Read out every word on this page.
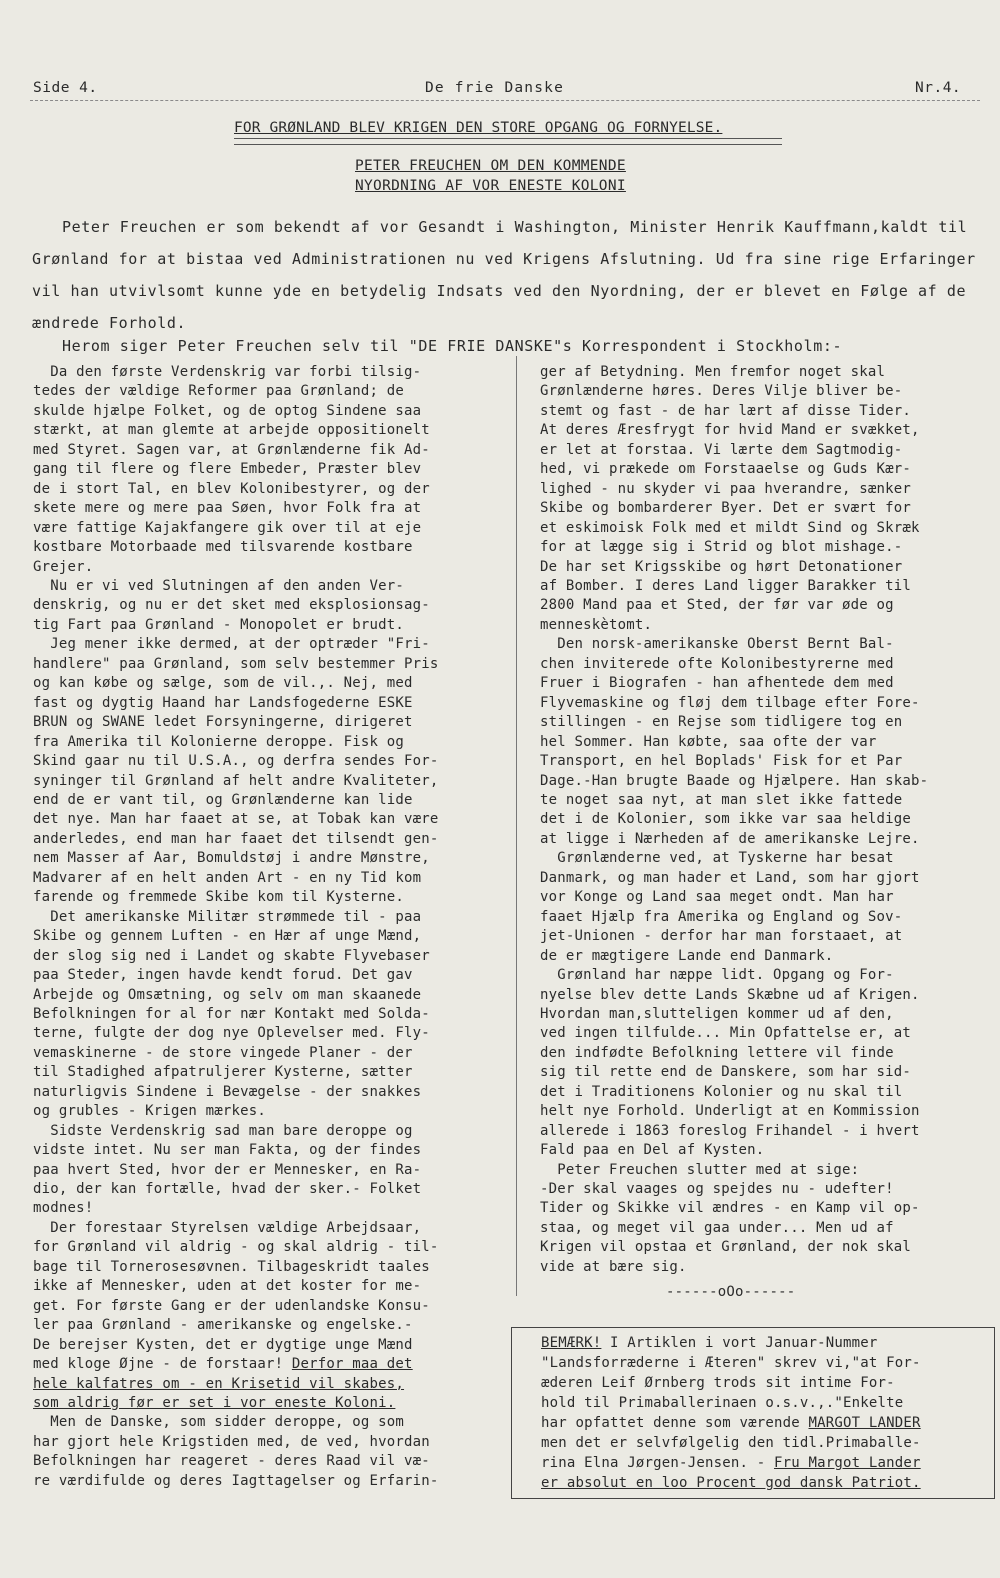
Side 4.	De frie Danske	Nr.4.
FOR GRØNLAND BLEV KRIGEN DEN STORE OPGANG OG FORNYELSE.
PETER FREUCHEN OM DEN KOMMENDE
NYORDNING AF VOR ENESTE KOLONI

Peter Freuchen er som bekendt af vor Gesandt i Washington, Minister Henrik Kauffmann,kaldt til Grønland for at bistaa ved Administrationen nu ved Krigens Afslutning. Ud fra sine rige Erfaringer vil han utvivlsomt kunne yde en betydelig Indsats ved den Nyordning, der er blevet en Følge af de ændrede Forhold.

Herom siger Peter Freuchen selv til "DE FRIE DANSKE"s Korrespondent i Stockholm:-

Da den første Verdenskrig var forbi tilsig-
tedes der vældige Reformer paa Grønland; de
skulde hjælpe Folket, og de optog Sindene saa
stærkt, at man glemte at arbejde oppositionelt
med Styret. Sagen var, at Grønlænderne fik Ad-
gang til flere og flere Embeder, Præster blev
de i stort Tal, en blev Kolonibestyrer, og der
skete mere og mere paa Søen, hvor Folk fra at
være fattige Kajakfangere gik over til at eje
kostbare Motorbaade med tilsvarende kostbare
Grejer.
Nu er vi ved Slutningen af den anden Ver-
denskrig, og nu er det sket med eksplosionsag-
tig Fart paa Grønland - Monopolet er brudt.
Jeg mener ikke dermed, at der optræder "Fri-
handlere" paa Grønland, som selv bestemmer Pris
og kan købe og sælge, som de vil.,. Nej, med
fast og dygtig Haand har Landsfogederne ESKE
BRUN og SWANE ledet Forsyningerne, dirigeret
fra Amerika til Kolonierne deroppe. Fisk og
Skind gaar nu til U.S.A., og derfra sendes For-
syninger til Grønland af helt andre Kvaliteter,
end de er vant til, og Grønlænderne kan lide
det nye. Man har faaet at se, at Tobak kan være
anderledes, end man har faaet det tilsendt gen-
nem Masser af Aar, Bomuldstøj i andre Mønstre,
Madvarer af en helt anden Art - en ny Tid kom
farende og fremmede Skibe kom til Kysterne.
Det amerikanske Militær strømmede til - paa
Skibe og gennem Luften - en Hær af unge Mænd,
der slog sig ned i Landet og skabte Flyvebaser
paa Steder, ingen havde kendt forud. Det gav
Arbejde og Omsætning, og selv om man skaanede
Befolkningen for al for nær Kontakt med Solda-
terne, fulgte der dog nye Oplevelser med. Fly-
vemaskinerne - de store vingede Planer - der
til Stadighed afpatruljerer Kysterne, sætter
naturligvis Sindene i Bevægelse - der snakkes
og grubles - Krigen mærkes.
Sidste Verdenskrig sad man bare deroppe og
vidste intet. Nu ser man Fakta, og der findes
paa hvert Sted, hvor der er Mennesker, en Ra-
dio, der kan fortælle, hvad der sker.- Folket
modnes!
Der forestaar Styrelsen vældige Arbejdsaar,
for Grønland vil aldrig - og skal aldrig - til-
bage til Tornerosesøvnen. Tilbageskridt taales
ikke af Mennesker, uden at det koster for me-
get. For første Gang er der udenlandske Konsu-
ler paa Grønland - amerikanske og engelske.-
De berejser Kysten, det er dygtige unge Mænd
med kloge Øjne - de forstaar! Derfor maa det
hele kalfatres om - en Krisetid vil skabes,
som aldrig før er set i vor eneste Koloni.
Men de Danske, som sidder deroppe, og som
har gjort hele Krigstiden med, de ved, hvordan
Befolkningen har reageret - deres Raad vil væ-
re værdifulde og deres Iagttagelser og Erfarin-
ger af Betydning. Men fremfor noget skal
Grønlænderne høres. Deres Vilje bliver be-
stemt og fast - de har lært af disse Tider.
At deres Æresfrygt for hvid Mand er svækket,
er let at forstaa. Vi lærte dem Sagtmodig-
hed, vi prækede om Forstaaelse og Guds Kær-
lighed - nu skyder vi paa hverandre, sænker
Skibe og bombarderer Byer. Det er svært for
et eskimoisk Folk med et mildt Sind og Skræk
for at lægge sig i Strid og blot mishage.-
De har set Krigsskibe og hørt Detonationer
af Bomber. I deres Land ligger Barakker til
2800 Mand paa et Sted, der før var øde og
menneskètomt.
Den norsk-amerikanske Oberst Bernt Bal-
chen inviterede ofte Kolonibestyrerne med
Fruer i Biografen - han afhentede dem med
Flyvemaskine og fløj dem tilbage efter Fore-
stillingen - en Rejse som tidligere tog en
hel Sommer. Han købte, saa ofte der var
Transport, en hel Boplads' Fisk for et Par
Dage.-Han brugte Baade og Hjælpere. Han skab-
te noget saa nyt, at man slet ikke fattede
det i de Kolonier, som ikke var saa heldige
at ligge i Nærheden af de amerikanske Lejre.
Grønlænderne ved, at Tyskerne har besat
Danmark, og man hader et Land, som har gjort
vor Konge og Land saa meget ondt. Man har
faaet Hjælp fra Amerika og England og Sov-
jet-Unionen - derfor har man forstaaet, at
de er mægtigere Lande end Danmark.
Grønland har næppe lidt. Opgang og For-
nyelse blev dette Lands Skæbne ud af Krigen.
Hvordan man,slutteligen kommer ud af den,
ved ingen tilfulde... Min Opfattelse er, at
den indfødte Befolkning lettere vil finde
sig til rette end de Danskere, som har sid-
det i Traditionens Kolonier og nu skal til
helt nye Forhold. Underligt at en Kommission
allerede i 1863 foreslog Frihandel - i hvert
Fald paa en Del af Kysten.
Peter Freuchen slutter med at sige:
-Der skal vaages og spejdes nu - udefter!
Tider og Skikke vil ændres - en Kamp vil op-
staa, og meget vil gaa under... Men ud af
Krigen vil opstaa et Grønland, der nok skal
vide at bære sig.
------oOo------
BEMÆRK! I Artiklen i vort Januar-Nummer
"Landsforræderne i Æteren" skrev vi,"at For-
æderen Leif Ørnberg trods sit intime For-
hold til Primaballerinaen o.s.v.,."Enkelte
har opfattet denne som værende MARGOT LANDER
men det er selvfølgelig den tidl.Primaballe-
rina Elna Jørgen-Jensen. - Fru Margot Lander
er absolut en loo Procent god dansk Patriot.
